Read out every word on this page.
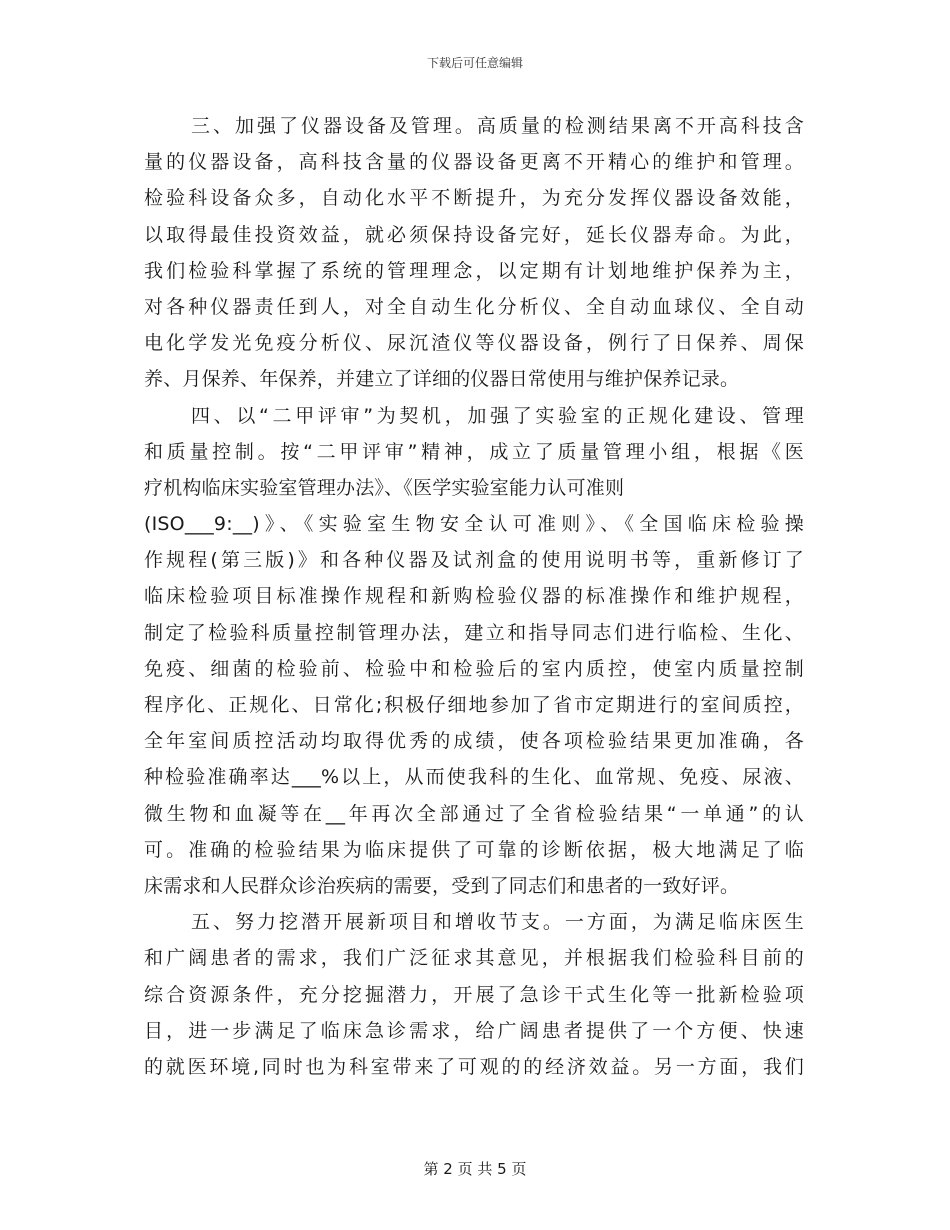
下载后可任意编辑
三、加强了仪器设备及管理。高质量的检测结果离不开高科技含
量的仪器设备，高科技含量的仪器设备更离不开精心的维护和管理。
检验科设备众多，自动化水平不断提升，为充分发挥仪器设备效能，
以取得最佳投资效益，就必须保持设备完好，延长仪器寿命。为此，
我们检验科掌握了系统的管理理念，以定期有计划地维护保养为主，
对各种仪器责任到人，对全自动生化分析仪、全自动血球仪、全自动
电化学发光免疫分析仪、尿沉渣仪等仪器设备，例行了日保养、周保
养、月保养、年保养，并建立了详细的仪器日常使用与维护保养记录。
四、以“二甲评审”为契机，加强了实验室的正规化建设、管理
和质量控制。按“二甲评审”精神，成立了质量管理小组，根据《医
疗机构临床实验室管理办法》、《医学实验室能力认可准则
(ISO___9:__)》、《实验室生物安全认可准则》、《全国临床检验操
作规程(第三版)》和各种仪器及试剂盒的使用说明书等，重新修订了
临床检验项目标准操作规程和新购检验仪器的标准操作和维护规程，
制定了检验科质量控制管理办法，建立和指导同志们进行临检、生化、
免疫、细菌的检验前、检验中和检验后的室内质控，使室内质量控制
程序化、正规化、日常化;积极仔细地参加了省市定期进行的室间质控，
全年室间质控活动均取得优秀的成绩，使各项检验结果更加准确，各
种检验准确率达___%以上，从而使我科的生化、血常规、免疫、尿液、
微生物和血凝等在__年再次全部通过了全省检验结果“一单通”的认
可。准确的检验结果为临床提供了可靠的诊断依据，极大地满足了临
床需求和人民群众诊治疾病的需要，受到了同志们和患者的一致好评。
五、努力挖潜开展新项目和增收节支。一方面，为满足临床医生
和广阔患者的需求，我们广泛征求其意见，并根据我们检验科目前的
综合资源条件，充分挖掘潜力，开展了急诊干式生化等一批新检验项
目，进一步满足了临床急诊需求，给广阔患者提供了一个方便、快速
的就医环境,同时也为科室带来了可观的的经济效益。另一方面，我们
第 2 页 共 5 页
